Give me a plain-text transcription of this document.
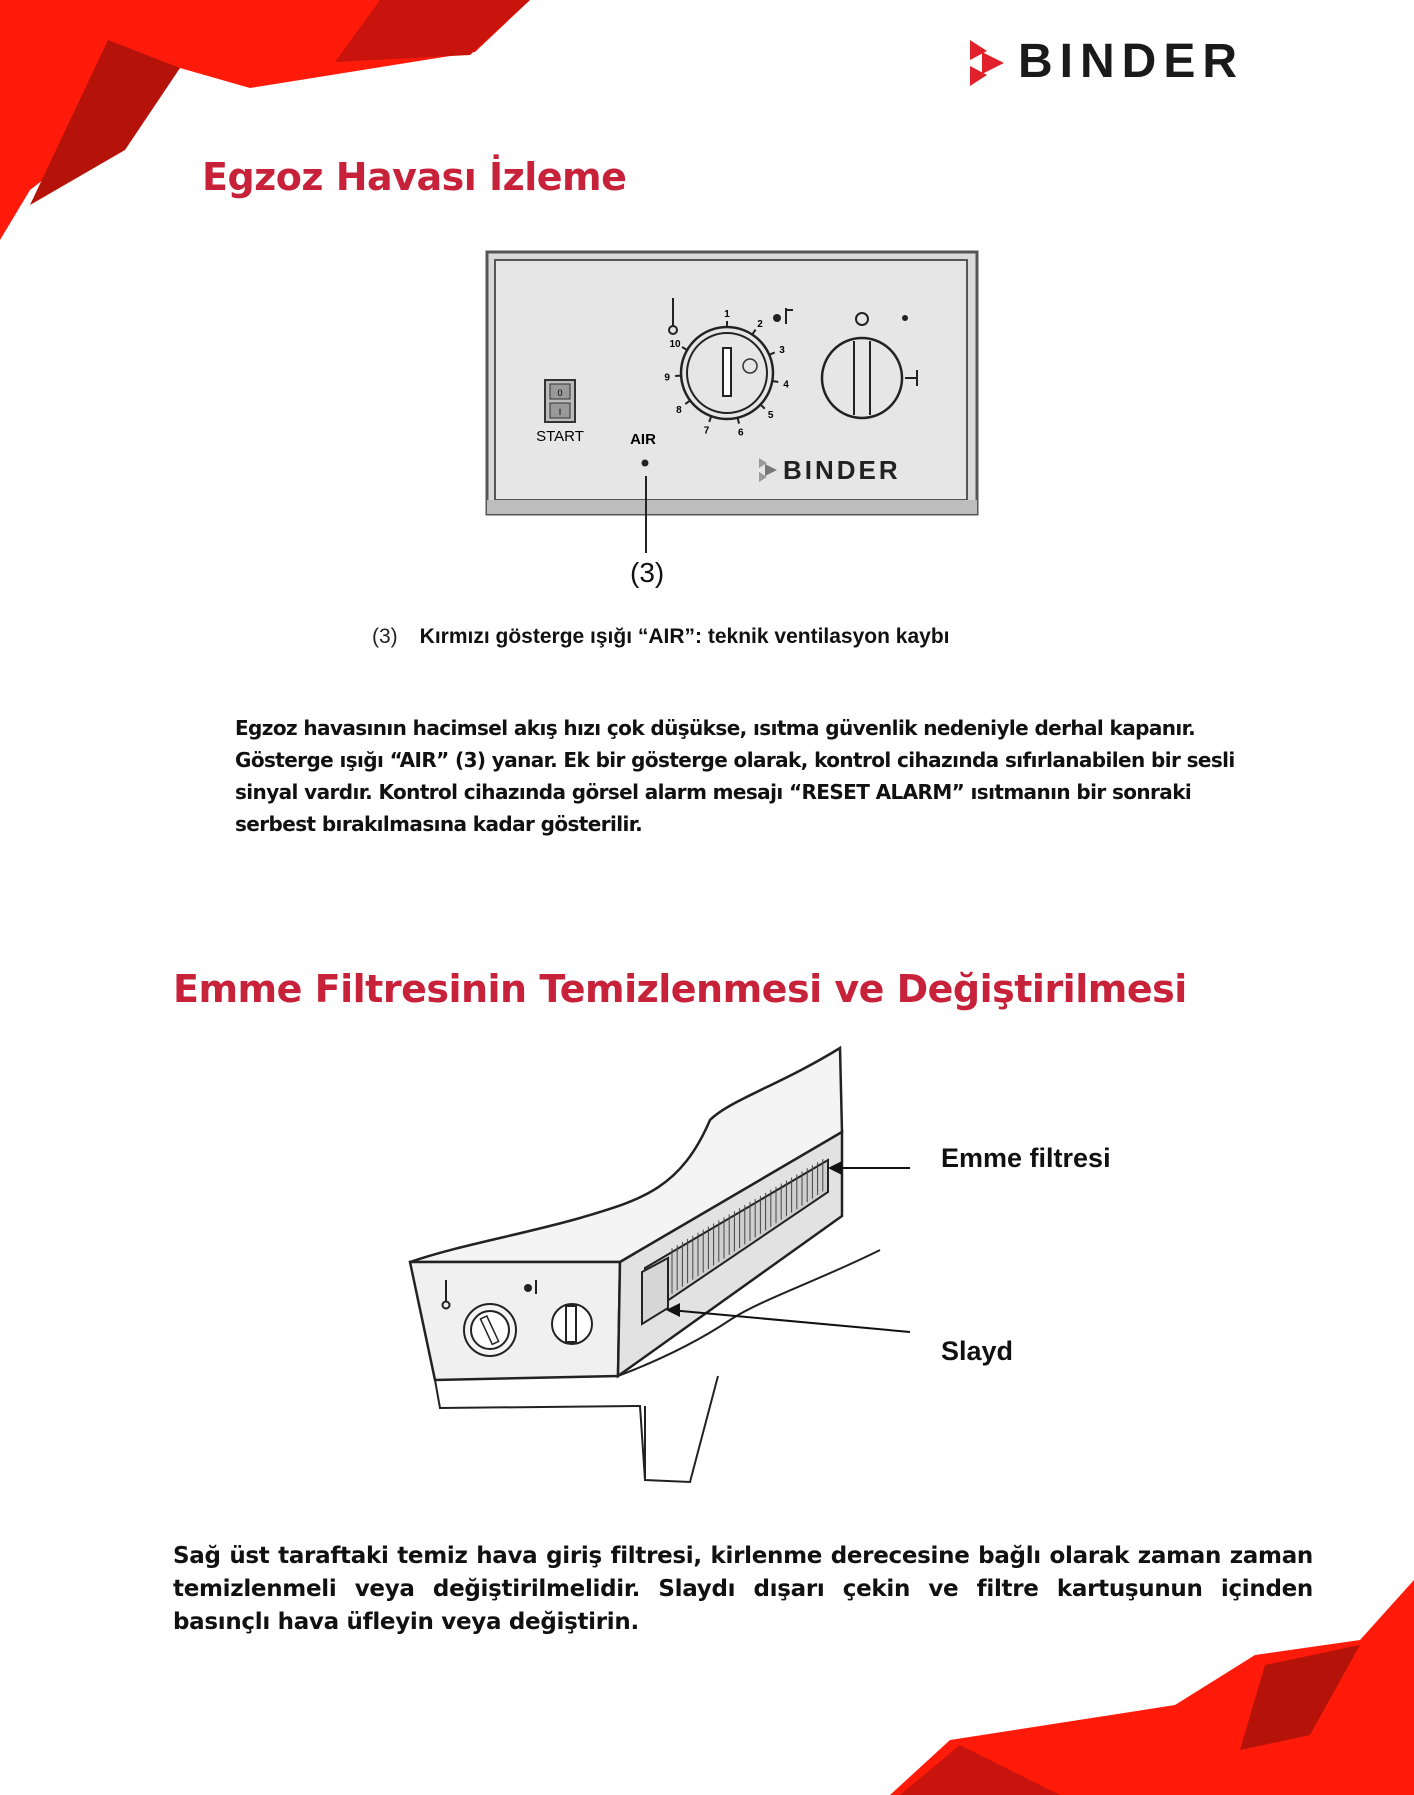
BINDER
Egzoz Havası İzleme
0
I
START	AIR
1
2
3
4
5
6
7
8
9
10
BINDER
(3)
(3) Kırmızı gösterge ışığı “AIR”: teknik ventilasyon kaybı
Egzoz havasının hacimsel akış hızı çok düşükse, ısıtma güvenlik nedeniyle derhal kapanır. Gösterge ışığı “AIR” (3) yanar. Ek bir gösterge olarak, kontrol cihazında sıfırlanabilen bir sesli sinyal vardır. Kontrol cihazında görsel alarm mesajı “RESET ALARM” ısıtmanın bir sonraki serbest bırakılmasına kadar gösterilir.
Emme Filtresinin Temizlenmesi ve Değiştirilmesi
Emme filtresi
Slayd
Sağ üst taraftaki temiz hava giriş filtresi, kirlenme derecesine bağlı olarak zaman zaman temizlenmeli veya değiştirilmelidir. Slaydı dışarı çekin ve filtre kartuşunun içinden basınçlı hava üfleyin veya değiştirin.
